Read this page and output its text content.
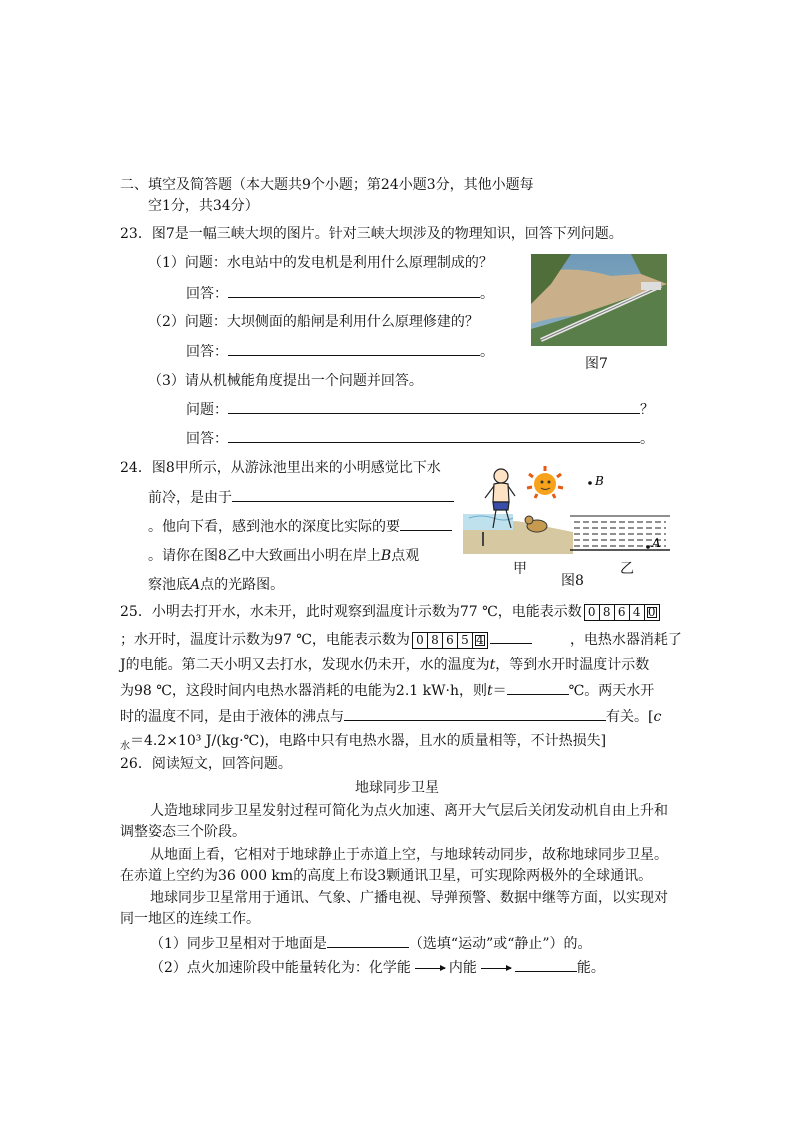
二、填空及简答题（本大题共9个小题；第24小题3分，其他小题每
空1分，共34分）
23．图7是一幅三峡大坝的图片。针对三峡大坝涉及的物理知识，回答下列问题。
（1）问题：水电站中的发电机是利用什么原理制成的？
回答：	。
（2）问题：大坝侧面的船闸是利用什么原理修建的？
回答：	。
（3）请从机械能角度提出一个问题并回答。
问题：	？
回答：	。
图7
24．图8甲所示，从游泳池里出来的小明感觉比下水
前冷，是由于
。他向下看，感到池水的深度比实际的要
。请你在图8乙中大致画出小明在岸上B点观
察池底A点的光路图。
甲
B
A
图8
乙
25．小明去打开水，水未开，此时观察到温度计示数为77 ℃，电能表示数 0 8 6 4 0
；水开时，温度计示数为97 ℃，电能表示数为 0 8 6 5 4	，电热水器消耗了
J的电能。第二天小明又去打水，发现水仍未开，水的温度为t，等到水开时温度计示数
为98 ℃，这段时间内电热水器消耗的电能为2.1 kW·h，则t＝	℃。两天水开
时的温度不同，是由于液体的沸点与	有关。[c
$_水$＝4.2×10³ J/(kg·℃)，电路中只有电热水器，且水的质量相等，不计热损失]
26．阅读短文，回答问题。
地球同步卫星
人造地球同步卫星发射过程可简化为点火加速、离开大气层后关闭发动机自由上升和
调整姿态三个阶段。
从地面上看，它相对于地球静止于赤道上空，与地球转动同步，故称地球同步卫星。
在赤道上空约为36 000 km的高度上布设3颗通讯卫星，可实现除两极外的全球通讯。
地球同步卫星常用于通讯、气象、广播电视、导弹预警、数据中继等方面，以实现对
同一地区的连续工作。
（1）同步卫星相对于地面是	（选填“运动”或“静止”）的。
（2）点火加速阶段中能量转化为：化学能	内能	能。
